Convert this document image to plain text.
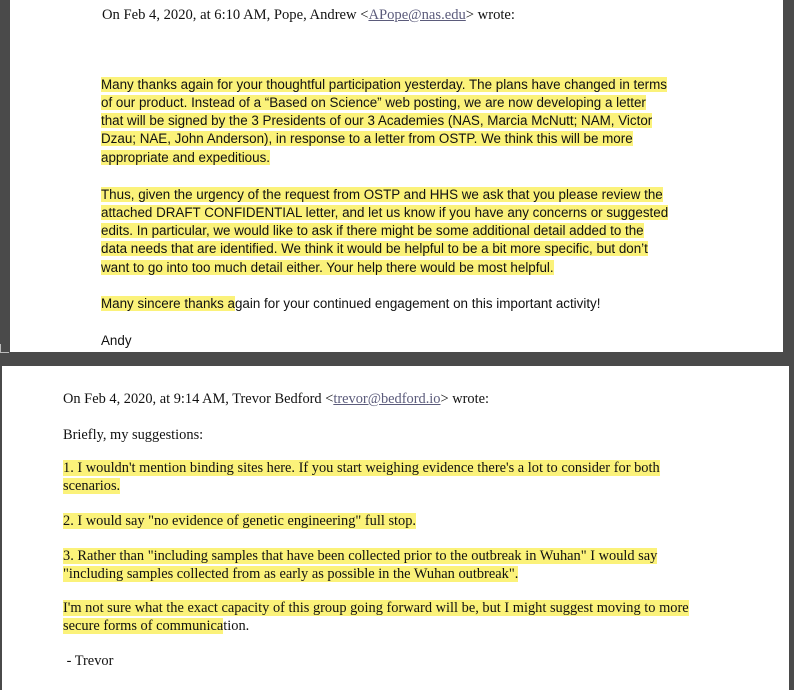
On Feb 4, 2020, at 6:10 AM, Pope, Andrew <APope@nas.edu> wrote:
Many thanks again for your thoughtful participation yesterday. The plans have changed in terms
of our product. Instead of a “Based on Science” web posting, we are now developing a letter
that will be signed by the 3 Presidents of our 3 Academies (NAS, Marcia McNutt; NAM, Victor
Dzau; NAE, John Anderson), in response to a letter from OSTP. We think this will be more
appropriate and expeditious.
Thus, given the urgency of the request from OSTP and HHS we ask that you please review the
attached DRAFT CONFIDENTIAL letter, and let us know if you have any concerns or suggested
edits. In particular, we would like to ask if there might be some additional detail added to the
data needs that are identified. We think it would be helpful to be a bit more specific, but don’t
want to go into too much detail either. Your help there would be most helpful.
Many sincere thanks again for your continued engagement on this important activity!
Andy
On Feb 4, 2020, at 9:14 AM, Trevor Bedford <trevor@bedford.io> wrote:
Briefly, my suggestions:
1. I wouldn't mention binding sites here. If you start weighing evidence there's a lot to consider for both
scenarios.
2. I would say "no evidence of genetic engineering" full stop.
3. Rather than "including samples that have been collected prior to the outbreak in Wuhan" I would say
"including samples collected from as early as possible in the Wuhan outbreak".
I'm not sure what the exact capacity of this group going forward will be, but I might suggest moving to more
secure forms of communication.
- Trevor
